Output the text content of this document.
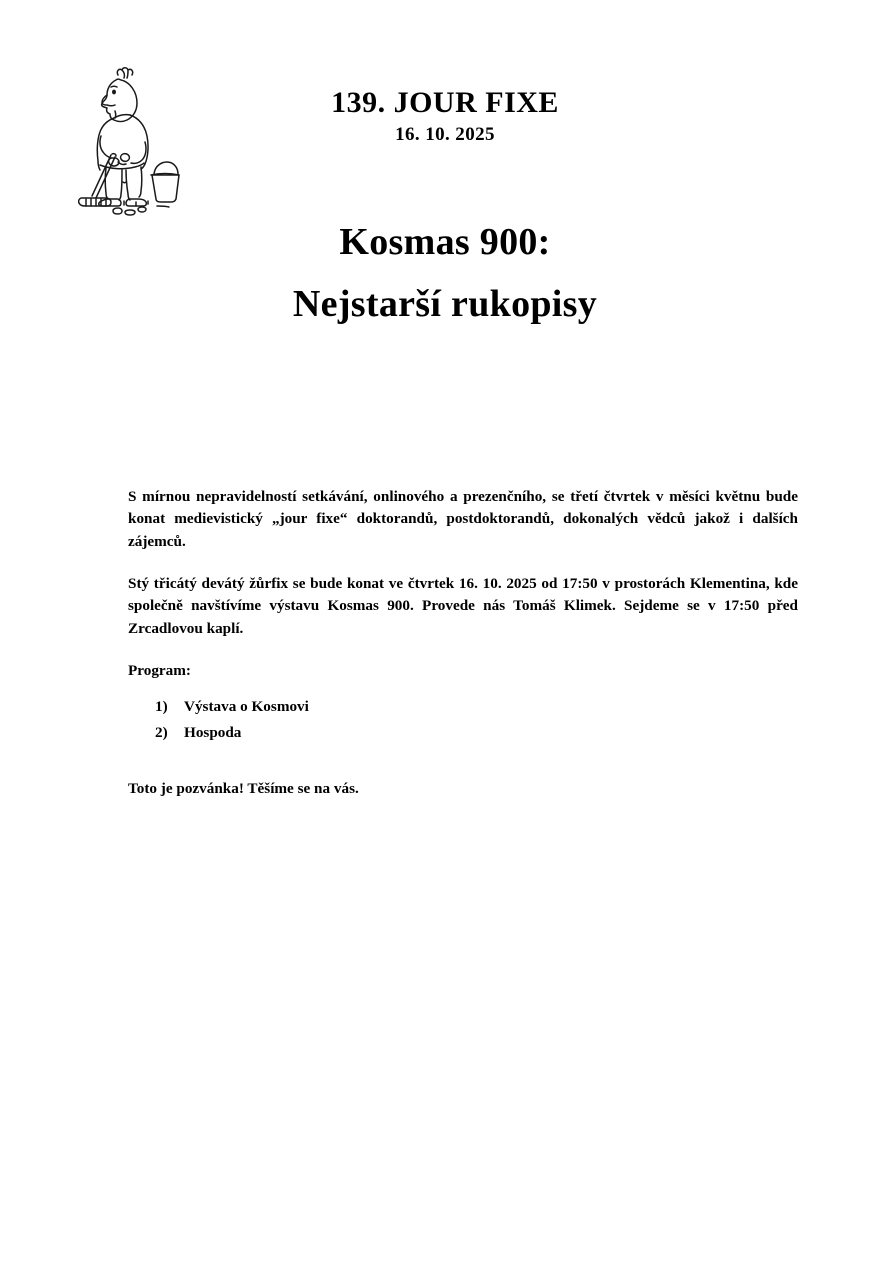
139. JOUR FIXE
16. 10. 2025
Kosmas 900:
Nejstarší rukopisy

S mírnou nepravidelností setkávání, onlinového a prezenčního, se třetí čtvrtek v měsíci květnu bude konat medievistický „jour fixe“ doktorandů, postdoktorandů, dokonalých vědců jakož i dalších zájemců.

Stý třicátý devátý žůrfix se bude konat ve čtvrtek 16. 10. 2025 od 17:50 v prostorách Klementina, kde společně navštívíme výstavu Kosmas 900. Provede nás Tomáš Klimek. Sejdeme se v 17:50 před Zrcadlovou kaplí.

Program:

1)	Výstava o Kosmovi
2)	Hospoda

Toto je pozvánka! Těšíme se na vás.
